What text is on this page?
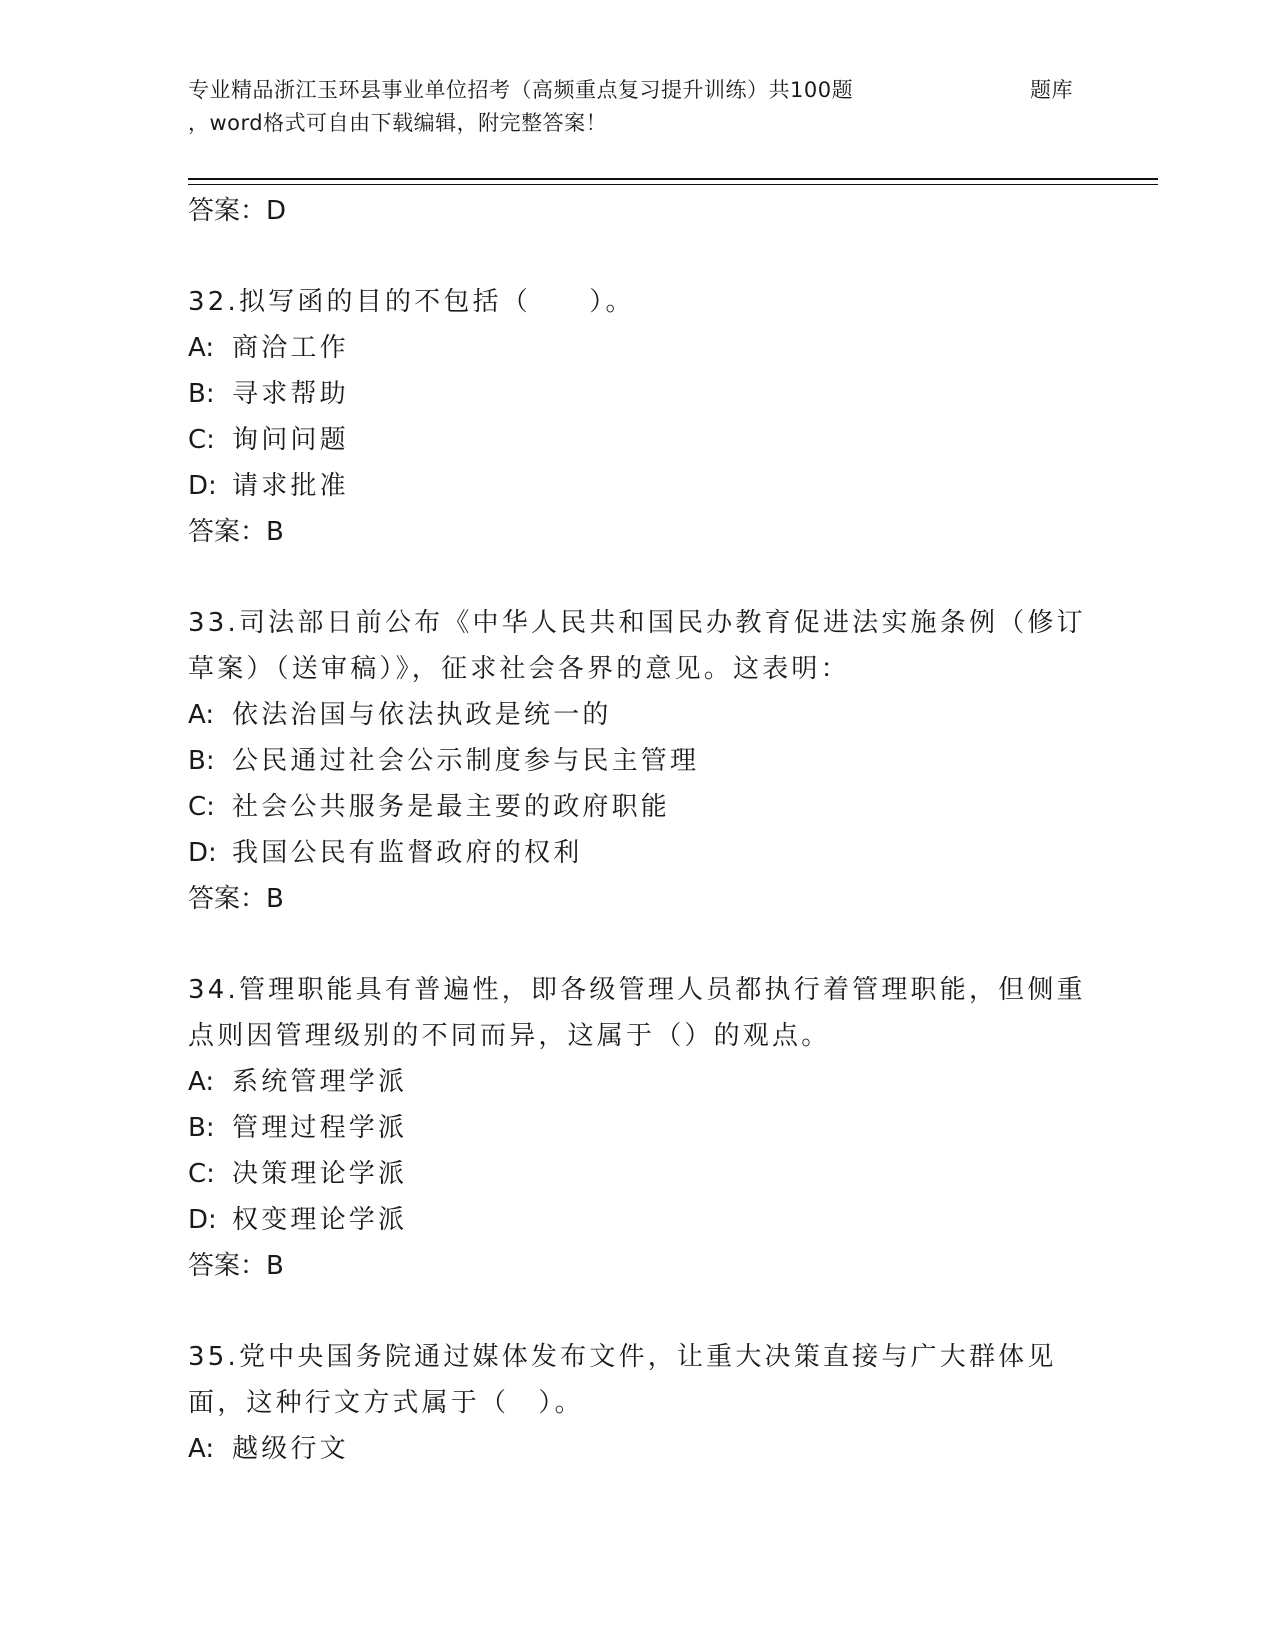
专业精品浙江玉环县事业单位招考（高频重点复习提升训练）共100题	题库
，word格式可自由下载编辑，附完整答案！
答案：D
32.拟写函的目的不包括（　　）。
A: 商洽工作
B: 寻求帮助
C: 询问问题
D: 请求批准
答案：B
33.司法部日前公布《中华人民共和国民办教育促进法实施条例（修订草案）（送审稿）》，征求社会各界的意见。这表明：
A: 依法治国与依法执政是统一的
B: 公民通过社会公示制度参与民主管理
C: 社会公共服务是最主要的政府职能
D: 我国公民有监督政府的权利
答案：B
34.管理职能具有普遍性，即各级管理人员都执行着管理职能，但侧重点则因管理级别的不同而异，这属于（）的观点。
A: 系统管理学派
B: 管理过程学派
C: 决策理论学派
D: 权变理论学派
答案：B
35.党中央国务院通过媒体发布文件，让重大决策直接与广大群体见面，这种行文方式属于（　）。
A: 越级行文
